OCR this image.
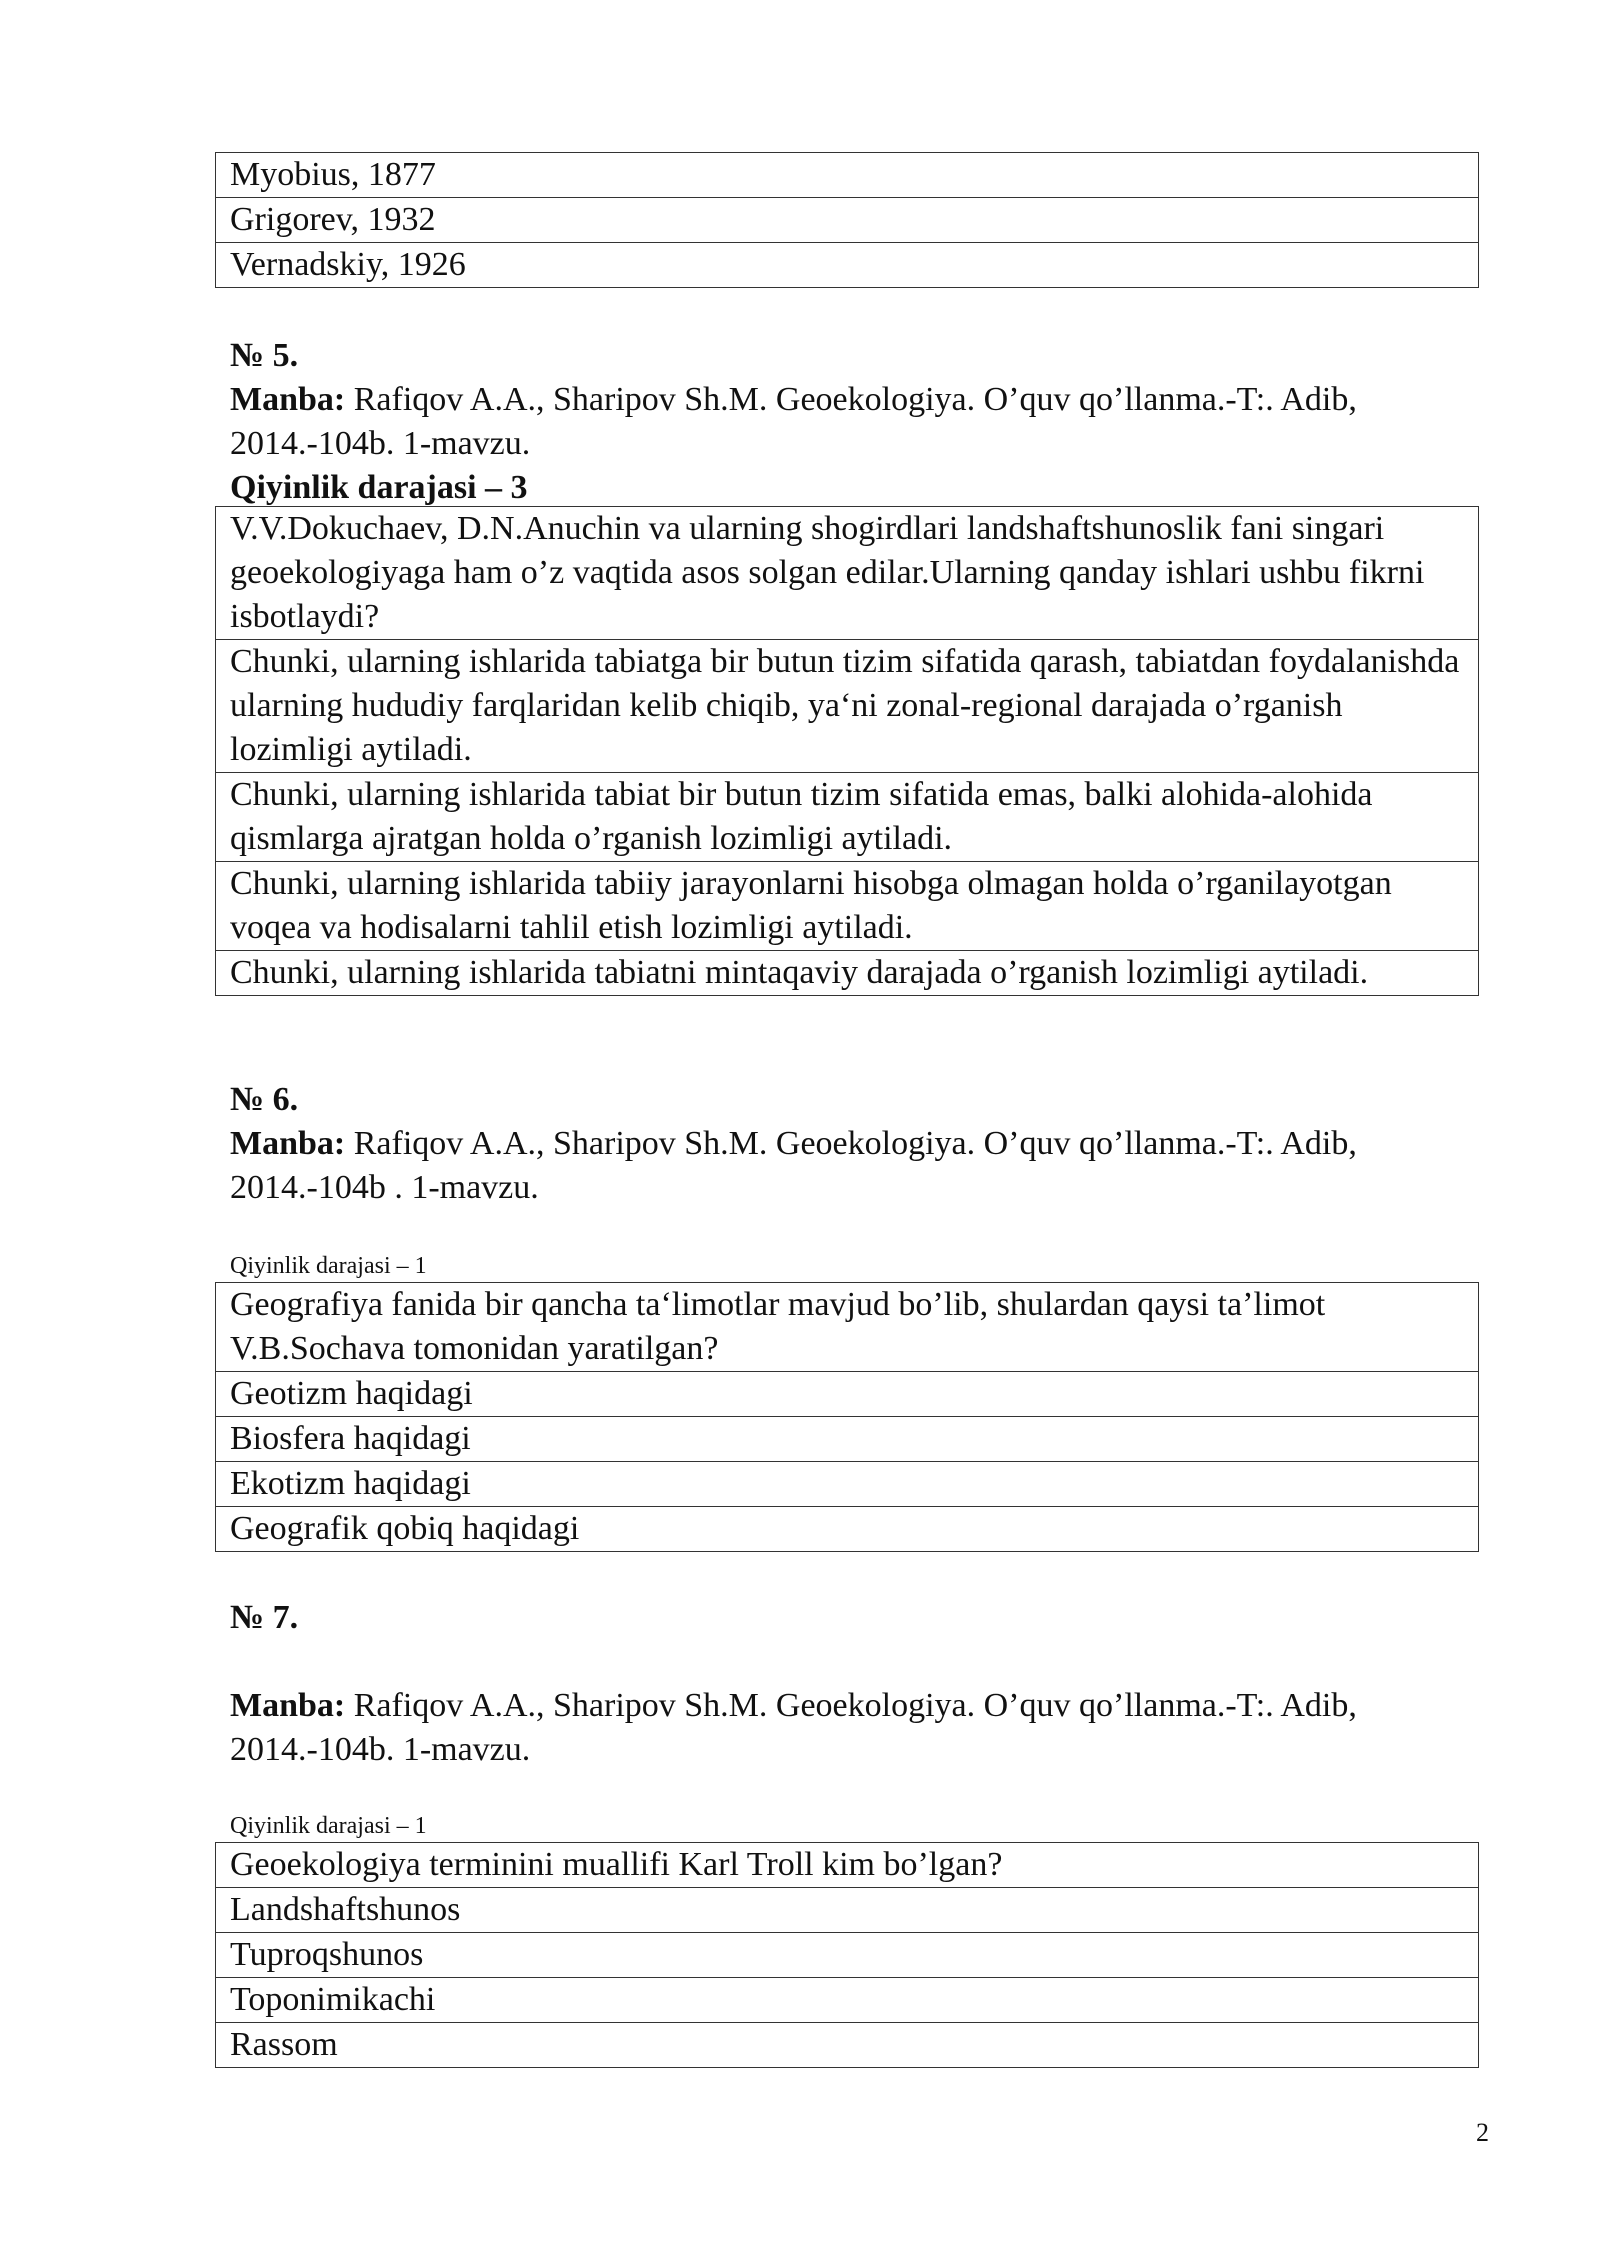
Myobius, 1877
Grigorev, 1932
Vernadskiy, 1926
№ 5.
Manba: Rafiqov A.A., Sharipov Sh.M. Geoekologiya. O’quv qo’llanma.-T:. Adib, 2014.-104b. 1-mavzu.
Qiyinlik darajasi – 3
V.V.Dokuchaev, D.N.Anuchin va ularning shogirdlari landshaftshunoslik fani singari geoekologiyaga ham o’z vaqtida asos solgan edilar.Ularning qanday ishlari ushbu fikrni isbotlaydi?
Chunki, ularning ishlarida tabiatga bir butun tizim sifatida qarash, tabiatdan foydalanishda ularning hududiy farqlaridan kelib chiqib, ya‘ni zonal-regional darajada o’rganish lozimligi aytiladi.
Chunki, ularning ishlarida tabiat bir butun tizim sifatida emas, balki alohida-alohida qismlarga ajratgan holda o’rganish lozimligi aytiladi.
Chunki, ularning ishlarida tabiiy jarayonlarni hisobga olmagan holda o’rganilayotgan voqea va hodisalarni tahlil etish lozimligi aytiladi.
Chunki, ularning ishlarida tabiatni mintaqaviy darajada o’rganish lozimligi aytiladi.
№ 6.
Manba: Rafiqov A.A., Sharipov Sh.M. Geoekologiya. O’quv qo’llanma.-T:. Adib, 2014.-104b . 1-mavzu.
Qiyinlik darajasi – 1
Geografiya fanida bir qancha ta‘limotlar mavjud bo’lib, shulardan qaysi ta’limot V.B.Sochava tomonidan yaratilgan?
Geotizm haqidagi
Biosfera haqidagi
Ekotizm haqidagi
Geografik qobiq haqidagi
№ 7.
Manba: Rafiqov A.A., Sharipov Sh.M. Geoekologiya. O’quv qo’llanma.-T:. Adib, 2014.-104b. 1-mavzu.
Qiyinlik darajasi – 1
Geoekologiya terminini muallifi Karl Troll kim bo’lgan?
Landshaftshunos
Tuproqshunos
Toponimikachi
Rassom
2
